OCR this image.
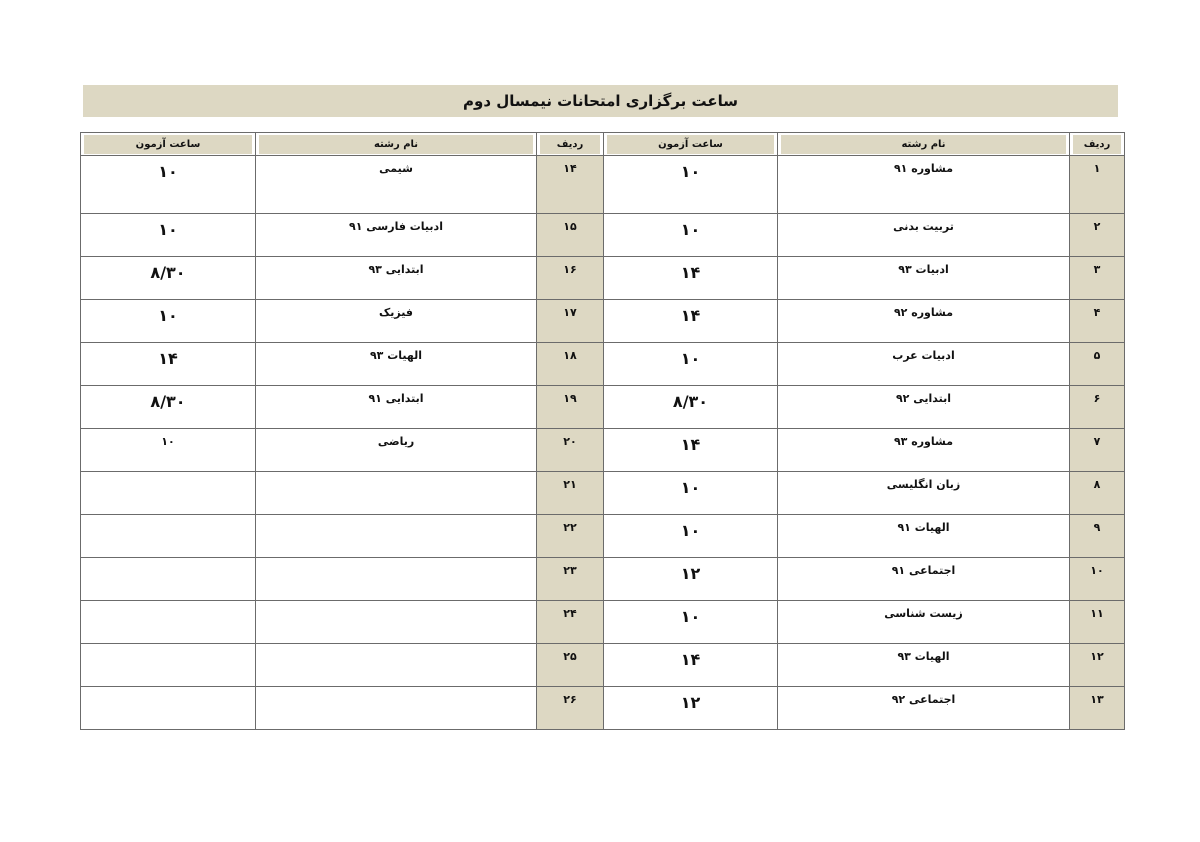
ساعت برگزاری امتحانات نیمسال دوم
ردیف	نام رشته	ساعت آزمون	ردیف	نام رشته	ساعت آزمون

۱	مشاوره ۹۱	۱۰	۱۴	شیمی	۱۰
۲	تربیت بدنی	۱۰	۱۵	ادبیات فارسی ۹۱	۱۰
۳	ادبیات ۹۳	۱۴	۱۶	ابتدایی ۹۳	۸/۳۰
۴	مشاوره ۹۲	۱۴	۱۷	فیزیک	۱۰
۵	ادبیات عرب	۱۰	۱۸	الهیات ۹۳	۱۴
۶	ابتدایی ۹۲	۸/۳۰	۱۹	ابتدایی ۹۱	۸/۳۰
۷	مشاوره ۹۳	۱۴	۲۰	ریاضی	۱۰
۸	زبان انگلیسی	۱۰	۲۱		
۹	الهیات ۹۱	۱۰	۲۲		
۱۰	اجتماعی ۹۱	۱۲	۲۳		
۱۱	زیست شناسی	۱۰	۲۴		
۱۲	الهیات ۹۳	۱۴	۲۵		
۱۳	اجتماعی ۹۲	۱۲	۲۶		
